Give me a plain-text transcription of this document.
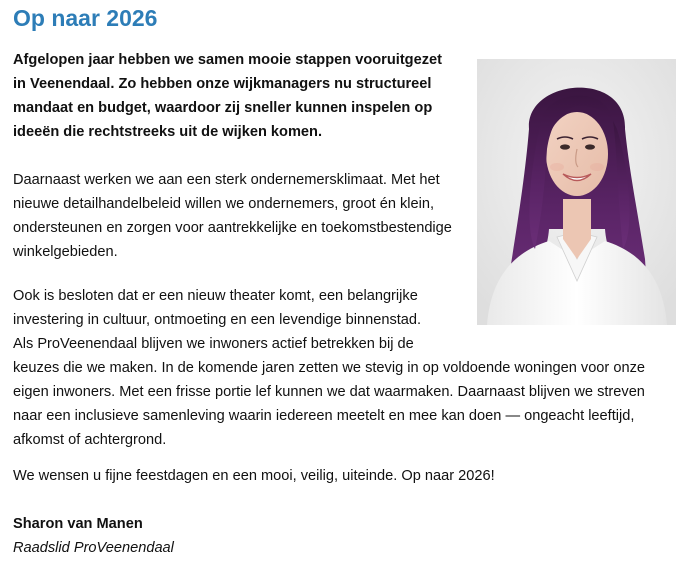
Op naar 2026

Afgelopen jaar hebben we samen mooie stappen vooruitgezet
in Veenendaal. Zo hebben onze wijkmanagers nu structureel
mandaat en budget, waardoor zij sneller kunnen inspelen op
ideeën die rechtstreeks uit de wijken komen.

Daarnaast werken we aan een sterk ondernemersklimaat. Met het
nieuwe detailhandelbeleid willen we ondernemers, groot én klein,
ondersteunen en zorgen voor aantrekkelijke en toekomstbestendige
winkelgebieden.

Ook is besloten dat er een nieuw theater komt, een belangrijke
investering in cultuur, ontmoeting en een levendige binnenstad.
Als ProVeenendaal blijven we inwoners actief betrekken bij de
keuzes die we maken. In de komende jaren zetten we stevig in op voldoende woningen voor onze
eigen inwoners. Met een frisse portie lef kunnen we dat waarmaken. Daarnaast blijven we streven
naar een inclusieve samenleving waarin iedereen meetelt en mee kan doen — ongeacht leeftijd,
afkomst of achtergrond.

We wensen u fijne feestdagen en een mooi, veilig, uiteinde. Op naar 2026!

Sharon van Manen
Raadslid ProVeenendaal
